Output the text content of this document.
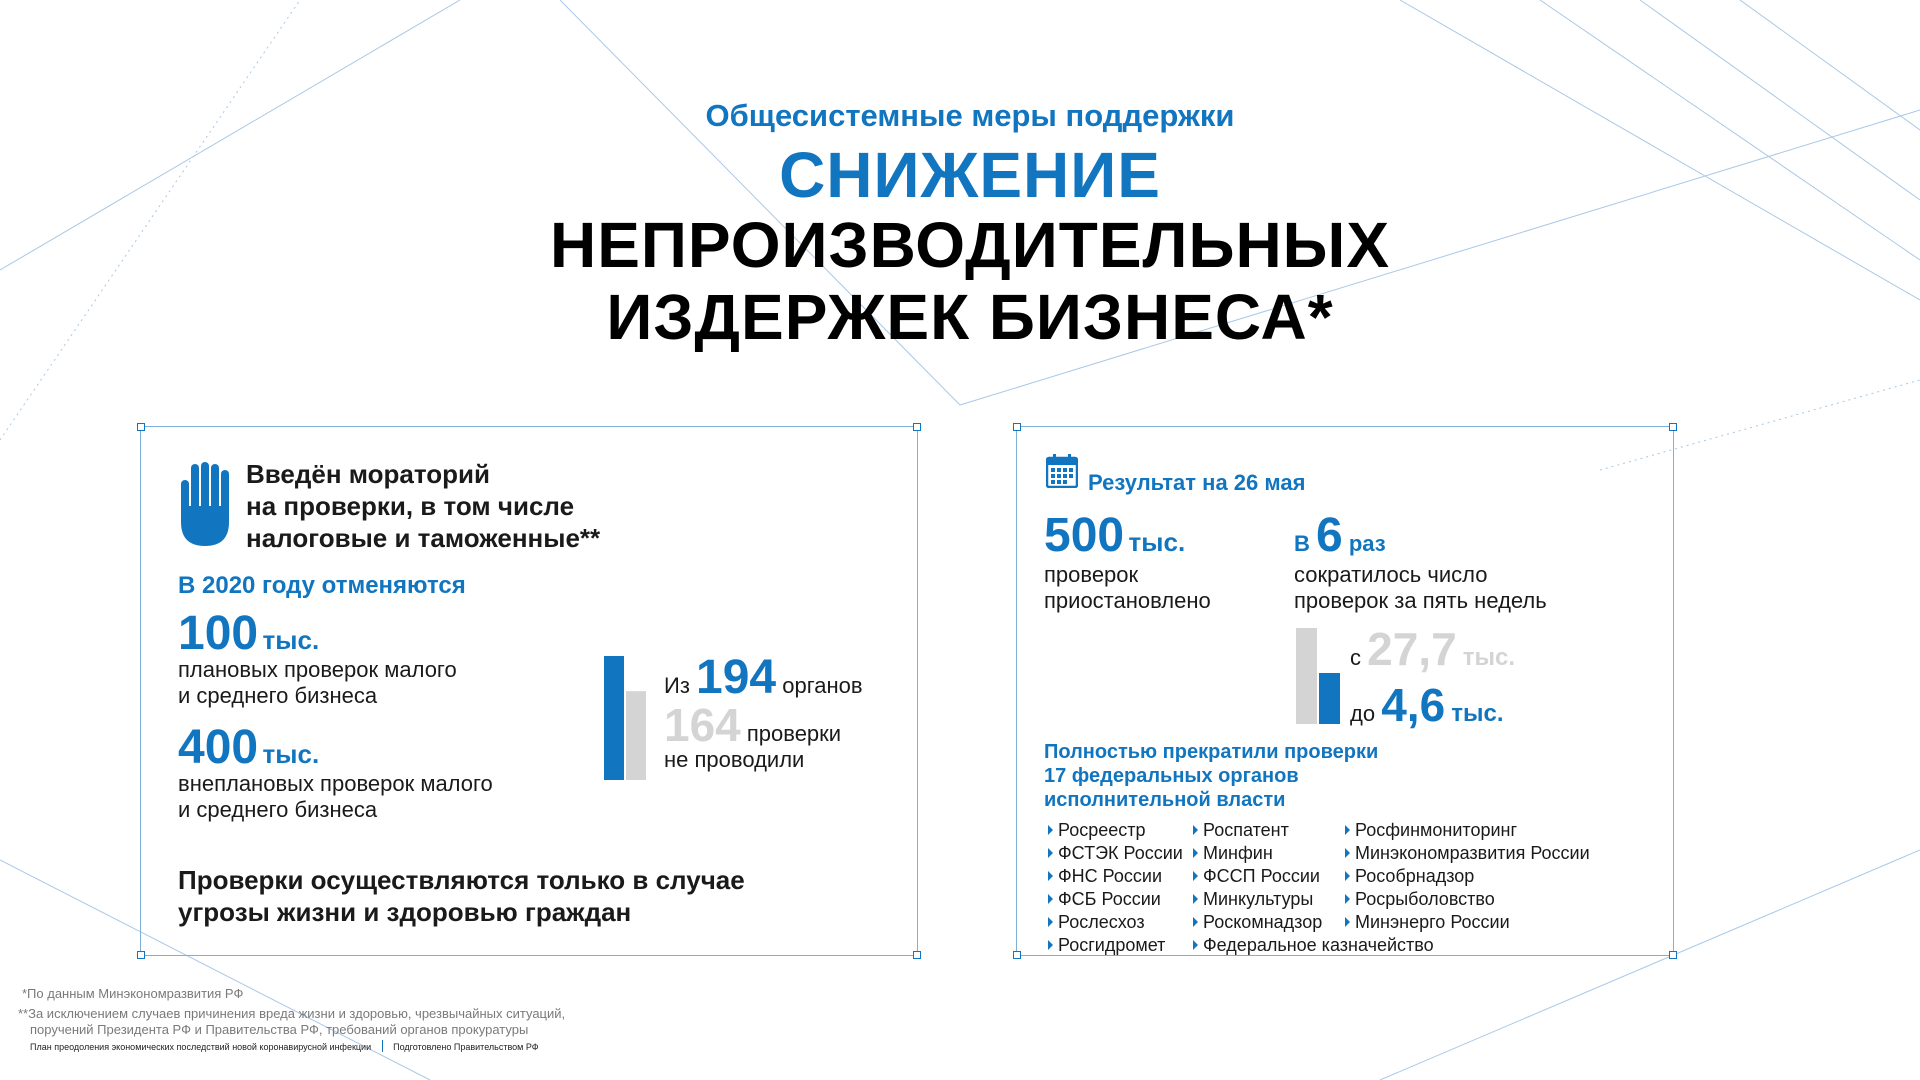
Общесистемные меры поддержки
СНИЖЕНИЕ
НЕПРОИЗВОДИТЕЛЬНЫХ
ИЗДЕРЖЕК БИЗНЕСА*
Введён мораторий
на проверки, в том числе
налоговые и таможенные**
В 2020 году отменяются
100 тыс.
плановых проверок малого
и среднего бизнеса
400 тыс.
внеплановых проверок малого
и среднего бизнеса
Из 194 органов
164 проверки
не проводили
Проверки осуществляются только в случае
угрозы жизни и здоровью граждан
Результат на 26 мая
500 тыс.
проверок
приостановлено
В 6 раз
сократилось число
проверок за пять недель
с 27,7 тыс.
до 4,6 тыс.
Полностью прекратили проверки
17 федеральных органов
исполнительной власти
Росреестр
ФСТЭК России
ФНС России
ФСБ России
Рослесхоз
Росгидромет
Роспатент
Минфин
ФССП России
Минкультуры
Роскомнадзор
Федеральное казначейство
Росфинмониторинг
Минэкономразвития России
Рособрнадзор
Росрыболовство
Минэнерго России
*По данным Минэкономразвития РФ
**За исключением случаев причинения вреда жизни и здоровью, чрезвычайных ситуаций,
поручений Президента РФ и Правительства РФ, требований органов прокуратуры
План преодоления экономических последствий новой коронавирусной инфекции Подготовлено Правительством РФ
